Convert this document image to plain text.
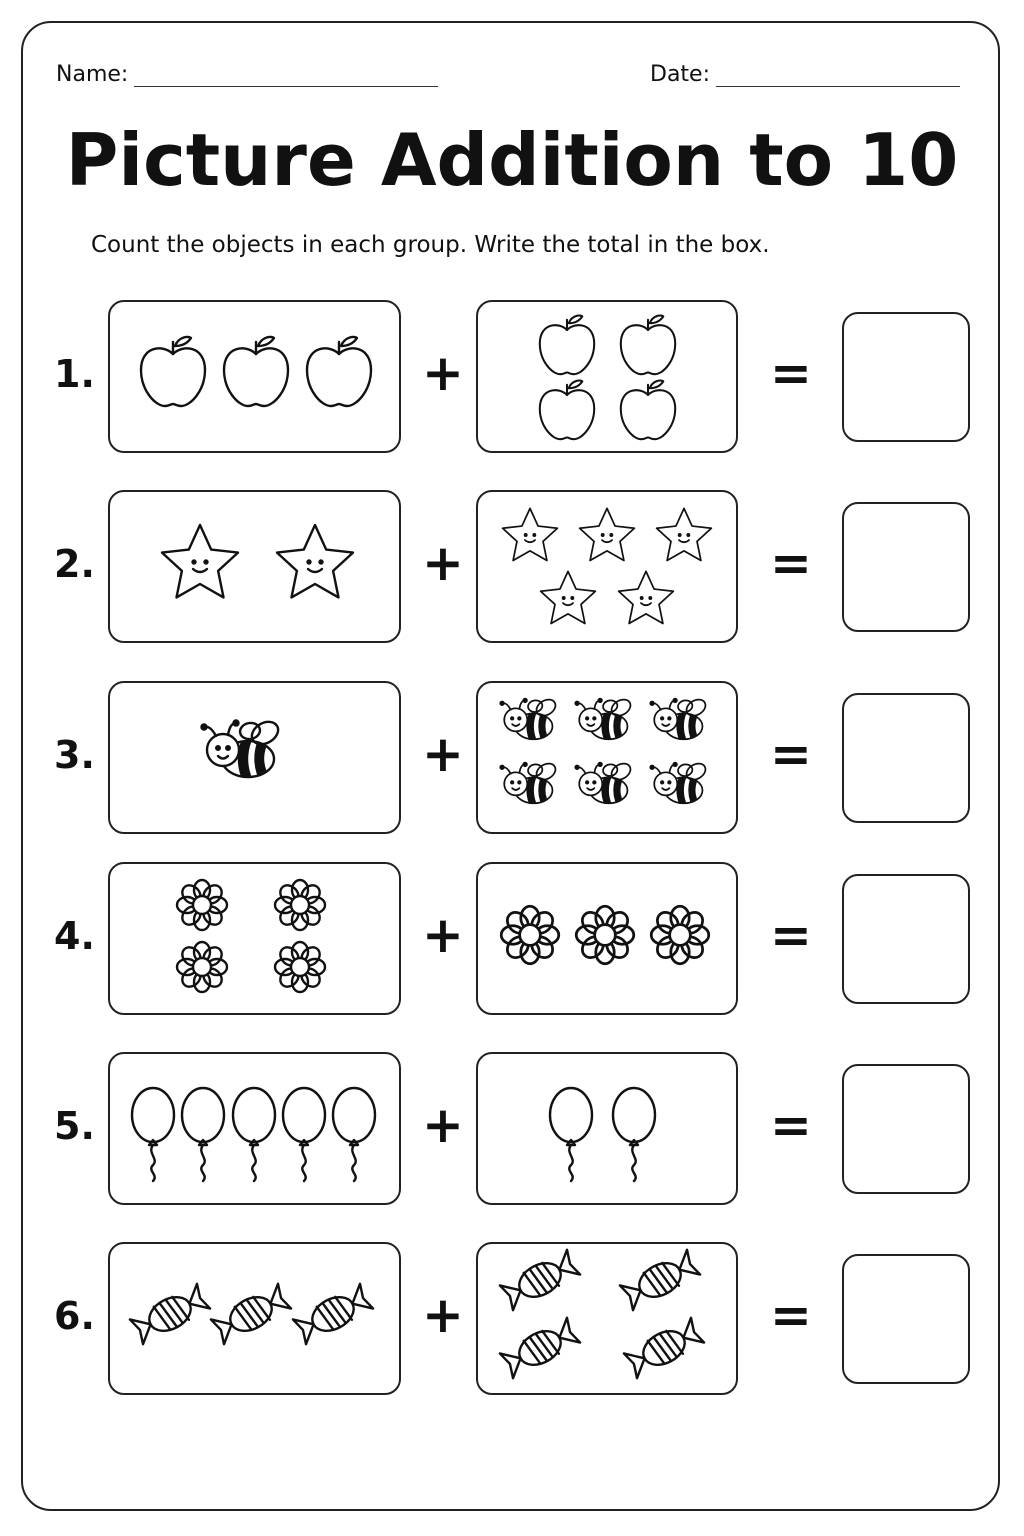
Name:	Date:
Picture Addition to 10
Count the objects in each group. Write the total in the box.
1.	+	=
2.	+	=
3.	+	=
4.	+	=
5.	+	=
6.	+	=
